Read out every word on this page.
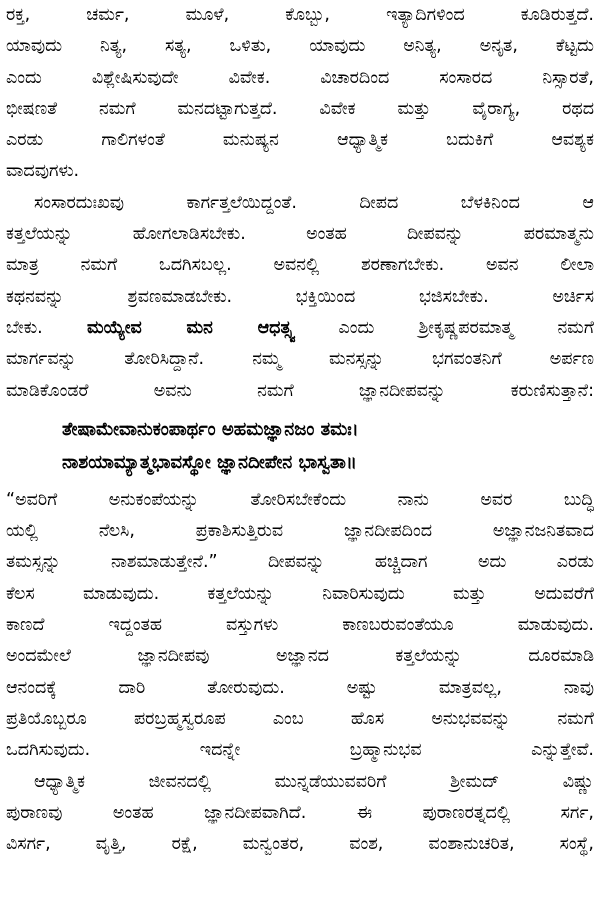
ರಕ್ತ, ಚರ್ಮ, ಮೂಳೆ, ಕೊಬ್ಬು, ಇತ್ಯಾದಿಗಳಿಂದ ಕೂಡಿರುತ್ತದೆ.
ಯಾವುದು ನಿತ್ಯ, ಸತ್ಯ, ಒಳಿತು, ಯಾವುದು ಅನಿತ್ಯ, ಅನೃತ, ಕೆಟ್ಟದು
ಎಂದು ವಿಶ್ಲೇಷಿಸುವುದೇ ವಿವೇಕ. ವಿಚಾರದಿಂದ ಸಂಸಾರದ ನಿಸ್ಸಾರತೆ,
ಭೀಷಣತೆ ನಮಗೆ ಮನದಟ್ಟಾಗುತ್ತದೆ. ವಿವೇಕ ಮತ್ತು ವೈರಾಗ್ಯ, ರಥದ
ಎರಡು ಗಾಲಿಗಳಂತೆ ಮನುಷ್ಯನ ಆಧ್ಯಾತ್ಮಿಕ ಬದುಕಿಗೆ ಆವಶ್ಯಕ
ವಾದವುಗಳು.

ಸಂಸಾರದುಃಖವು ಕಾರ್ಗತ್ತಲೆಯಿದ್ದಂತೆ. ದೀಪದ ಬೆಳಕಿನಿಂದ ಆ
ಕತ್ತಲೆಯನ್ನು ಹೋಗಲಾಡಿಸಬೇಕು. ಅಂತಹ ದೀಪವನ್ನು ಪರಮಾತ್ಮನು
ಮಾತ್ರ ನಮಗೆ ಒದಗಿಸಬಲ್ಲ. ಅವನಲ್ಲಿ ಶರಣಾಗಬೇಕು. ಅವನ ಲೀಲಾ
ಕಥನವನ್ನು ಶ್ರವಣಮಾಡಬೇಕು. ಭಕ್ತಿಯಿಂದ ಭಜಿಸಬೇಕು. ಅರ್ಚಿಸ
ಬೇಕು.	ಮಯ್ಯೇವ ಮನ ಆಧತ್ಸ್ವ	ಎಂದು ಶ್ರೀಕೃಷ್ಣಪರಮಾತ್ಮ ನಮಗೆ
ಮಾರ್ಗವನ್ನು ತೋರಿಸಿದ್ದಾನೆ. ನಮ್ಮ ಮನಸ್ಸನ್ನು ಭಗವಂತನಿಗೆ ಅರ್ಪಣ
ಮಾಡಿಕೊಂಡರೆ ಅವನು ನಮಗೆ ಜ್ಞಾನದೀಪವನ್ನು ಕರುಣಿಸುತ್ತಾನೆ:

ತೇಷಾಮೇವಾನುಕಂಪಾರ್ಥಂ ಅಹಮಜ್ಞಾನಜಂ ತಮಃ।
ನಾಶಯಾಮ್ಯಾತ್ಮಭಾವಸ್ಥೋ ಜ್ಞಾನದೀಪೇನ ಭಾಸ್ವತಾ॥

“ಅವರಿಗೆ ಅನುಕಂಪೆಯನ್ನು ತೋರಿಸಬೇಕೆಂದು ನಾನು ಅವರ ಬುದ್ಧಿ
ಯಲ್ಲಿ ನೆಲಸಿ, ಪ್ರಕಾಶಿಸುತ್ತಿರುವ ಜ್ಞಾನದೀಪದಿಂದ ಅಜ್ಞಾನಜನಿತವಾದ
ತಮಸ್ಸನ್ನು ನಾಶಮಾಡುತ್ತೇನೆ.” ದೀಪವನ್ನು ಹಚ್ಚಿದಾಗ ಅದು ಎರಡು
ಕೆಲಸ ಮಾಡುವುದು. ಕತ್ತಲೆಯನ್ನು ನಿವಾರಿಸುವುದು ಮತ್ತು ಅದುವರೆಗೆ
ಕಾಣದೆ ಇದ್ದಂತಹ ವಸ್ತುಗಳು ಕಾಣಬರುವಂತೆಯೂ ಮಾಡುವುದು.
ಅಂದಮೇಲೆ ಜ್ಞಾನದೀಪವು ಅಜ್ಞಾನದ ಕತ್ತಲೆಯನ್ನು ದೂರಮಾಡಿ
ಆನಂದಕ್ಕೆ ದಾರಿ ತೋರುವುದು. ಅಷ್ಟು ಮಾತ್ರವಲ್ಲ, ನಾವು
ಪ್ರತಿಯೊಬ್ಬರೂ ಪರಬ್ರಹ್ಮಸ್ವರೂಪ ಎಂಬ ಹೊಸ ಅನುಭವವನ್ನು ನಮಗೆ
ಒದಗಿಸುವುದು. ಇದನ್ನೇ ಬ್ರಹ್ಮಾನುಭವ ಎನ್ನುತ್ತೇವೆ.

ಆಧ್ಯಾತ್ಮಿಕ ಜೀವನದಲ್ಲಿ ಮುನ್ನಡೆಯುವವರಿಗೆ ಶ್ರೀಮದ್ ವಿಷ್ಣು
ಪುರಾಣವು ಅಂತಹ ಜ್ಞಾನದೀಪವಾಗಿದೆ. ಈ ಪುರಾಣರತ್ನದಲ್ಲಿ ಸರ್ಗ,
ವಿಸರ್ಗ, ವೃತ್ತಿ, ರಕ್ಷೆ, ಮನ್ವಂತರ, ವಂಶ, ವಂಶಾನುಚರಿತ, ಸಂಸ್ಥೆ,
